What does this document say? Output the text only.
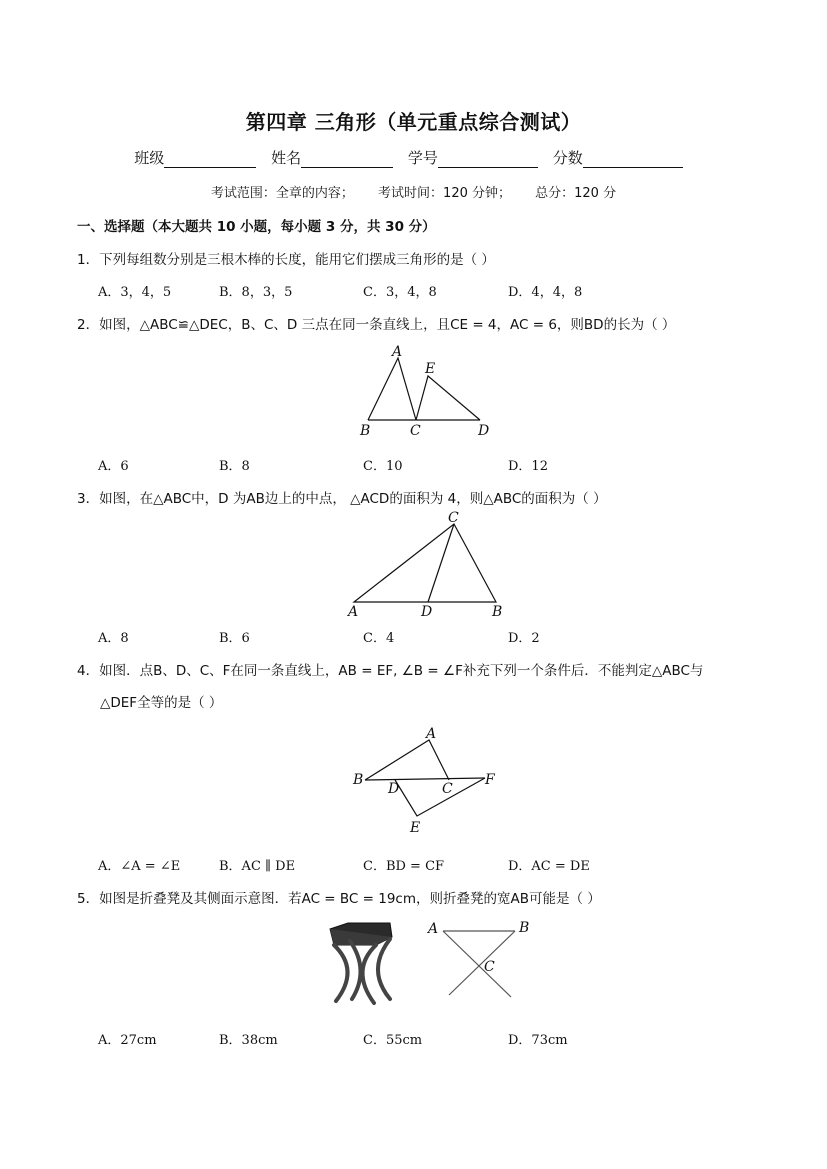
第四章 三角形（单元重点综合测试）
班级	姓名	学号	分数
考试范围：全章的内容； 考试时间：120 分钟； 总分：120 分
一、选择题（本大题共 10 小题，每小题 3 分，共 30 分）
1．下列每组数分别是三根木棒的长度，能用它们摆成三角形的是（ ）
A．3，4，5	B．8，3，5	C．3，4，8	D．4，4，8
2．如图，△ABC≌△DEC，B、C、D 三点在同一条直线上，且CE = 4，AC = 6，则BD的长为（ ）
A
E
B	C	D
A．6	B．8	C．10	D．12
3．如图，在△ABC中，D 为AB边上的中点， △ACD的面积为 4，则△ABC的面积为（ ）
C
A	D	B
A．8	B．6	C．4	D．2
4．如图．点B、D、C、F在同一条直线上，AB = EF, ∠B = ∠F补充下列一个条件后．不能判定△ABC与
△DEF全等的是（ ）
A
B
D	C
F
E
A．∠A = ∠E	B．AC ∥ DE	C．BD = CF	D．AC = DE
5．如图是折叠凳及其侧面示意图．若AC = BC = 19cm，则折叠凳的宽AB可能是（ ）
A	B
C
A．27cm	B．38cm	C．55cm	D．73cm
